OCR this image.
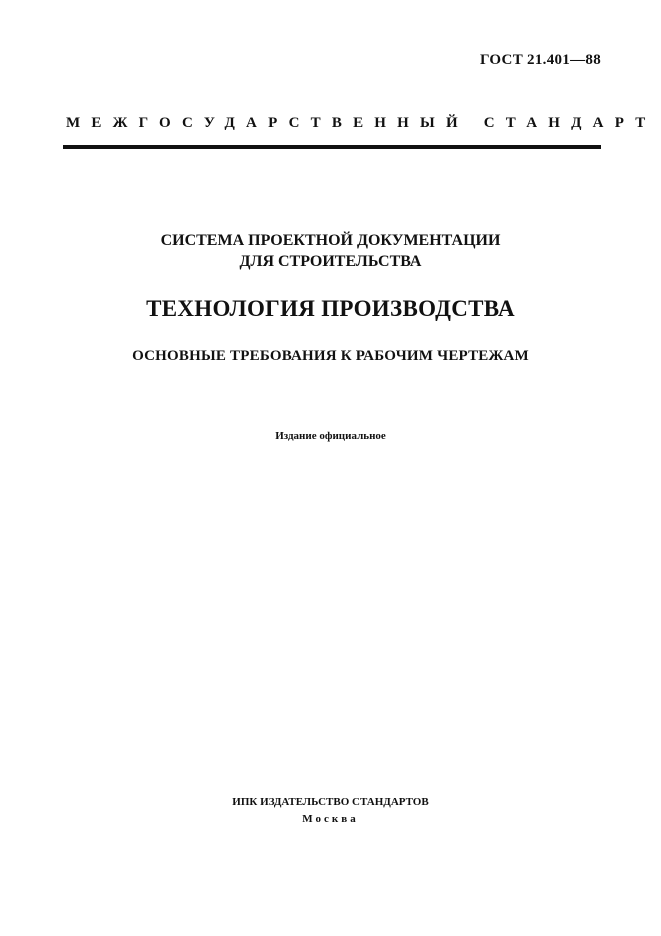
ГОСТ 21.401—88
МЕЖГОСУДАРСТВЕННЫЙ СТАНДАРТ
СИСТЕМА ПРОЕКТНОЙ ДОКУМЕНТАЦИИ
ДЛЯ СТРОИТЕЛЬСТВА
ТЕХНОЛОГИЯ ПРОИЗВОДСТВА
ОСНОВНЫЕ ТРЕБОВАНИЯ К РАБОЧИМ ЧЕРТЕЖАМ
Издание официальное
ИПК ИЗДАТЕЛЬСТВО СТАНДАРТОВ
Москва
